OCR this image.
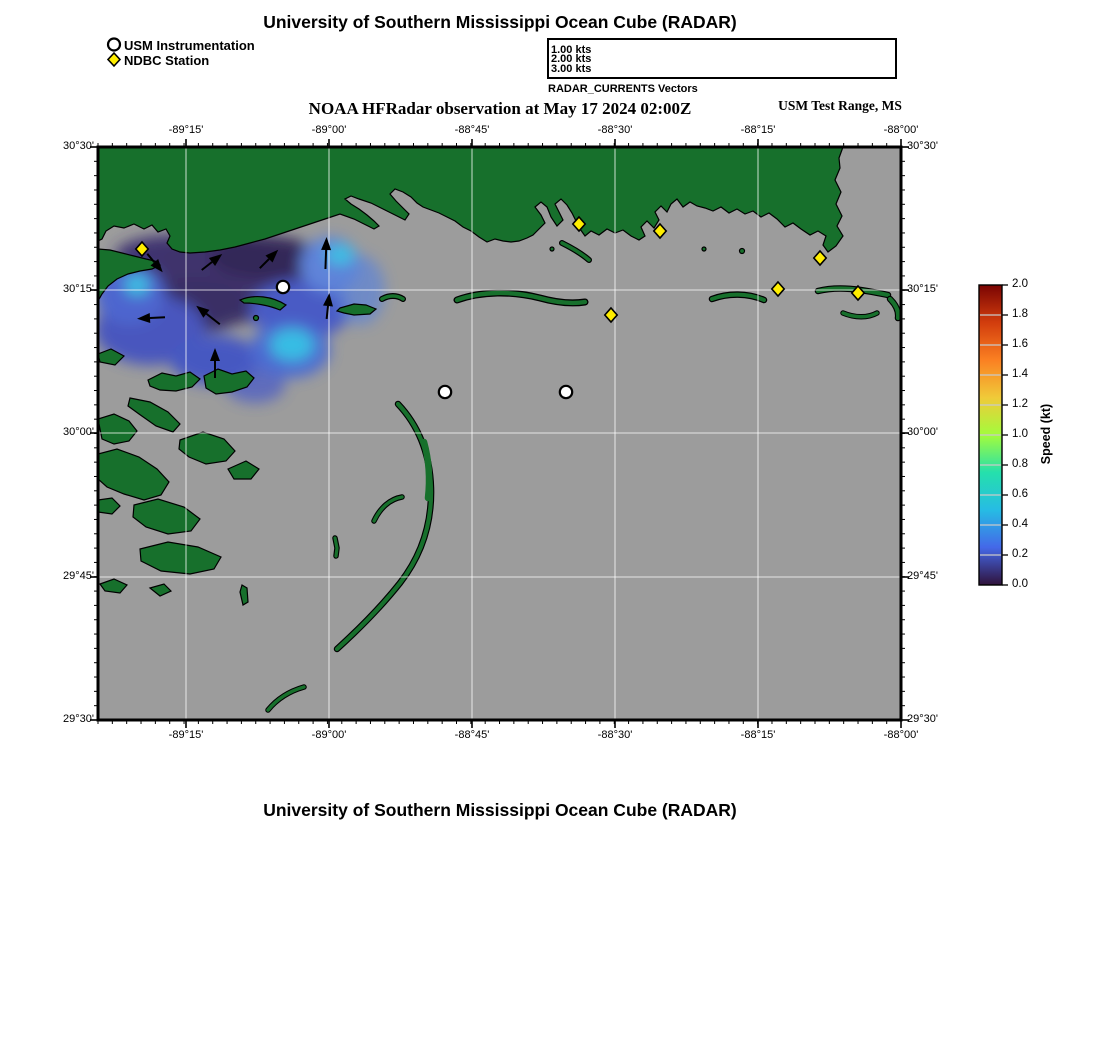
University of Southern Mississippi Ocean Cube (RADAR)
USM Instrumentation
NDBC Station
1.00 kts
2.00 kts
3.00 kts
RADAR_CURRENTS Vectors
NOAA HFRadar observation at May 17 2024 02:00Z	USM Test Range, MS
-89°15'
-89°15'
-89°00'
-89°00'
-88°45'
-88°45'
-88°30'
-88°30'
-88°15'
-88°15'
-88°00'
-88°00'
30°30'	30°30'
30°15'	30°15'
30°00'	30°00'
29°45'	29°45'
29°30'	29°30'
0.0
0.2
0.4
0.6
0.8
1.0
1.2
1.4
1.6
1.8
2.0
Speed (kt)
University of Southern Mississippi Ocean Cube (RADAR)
